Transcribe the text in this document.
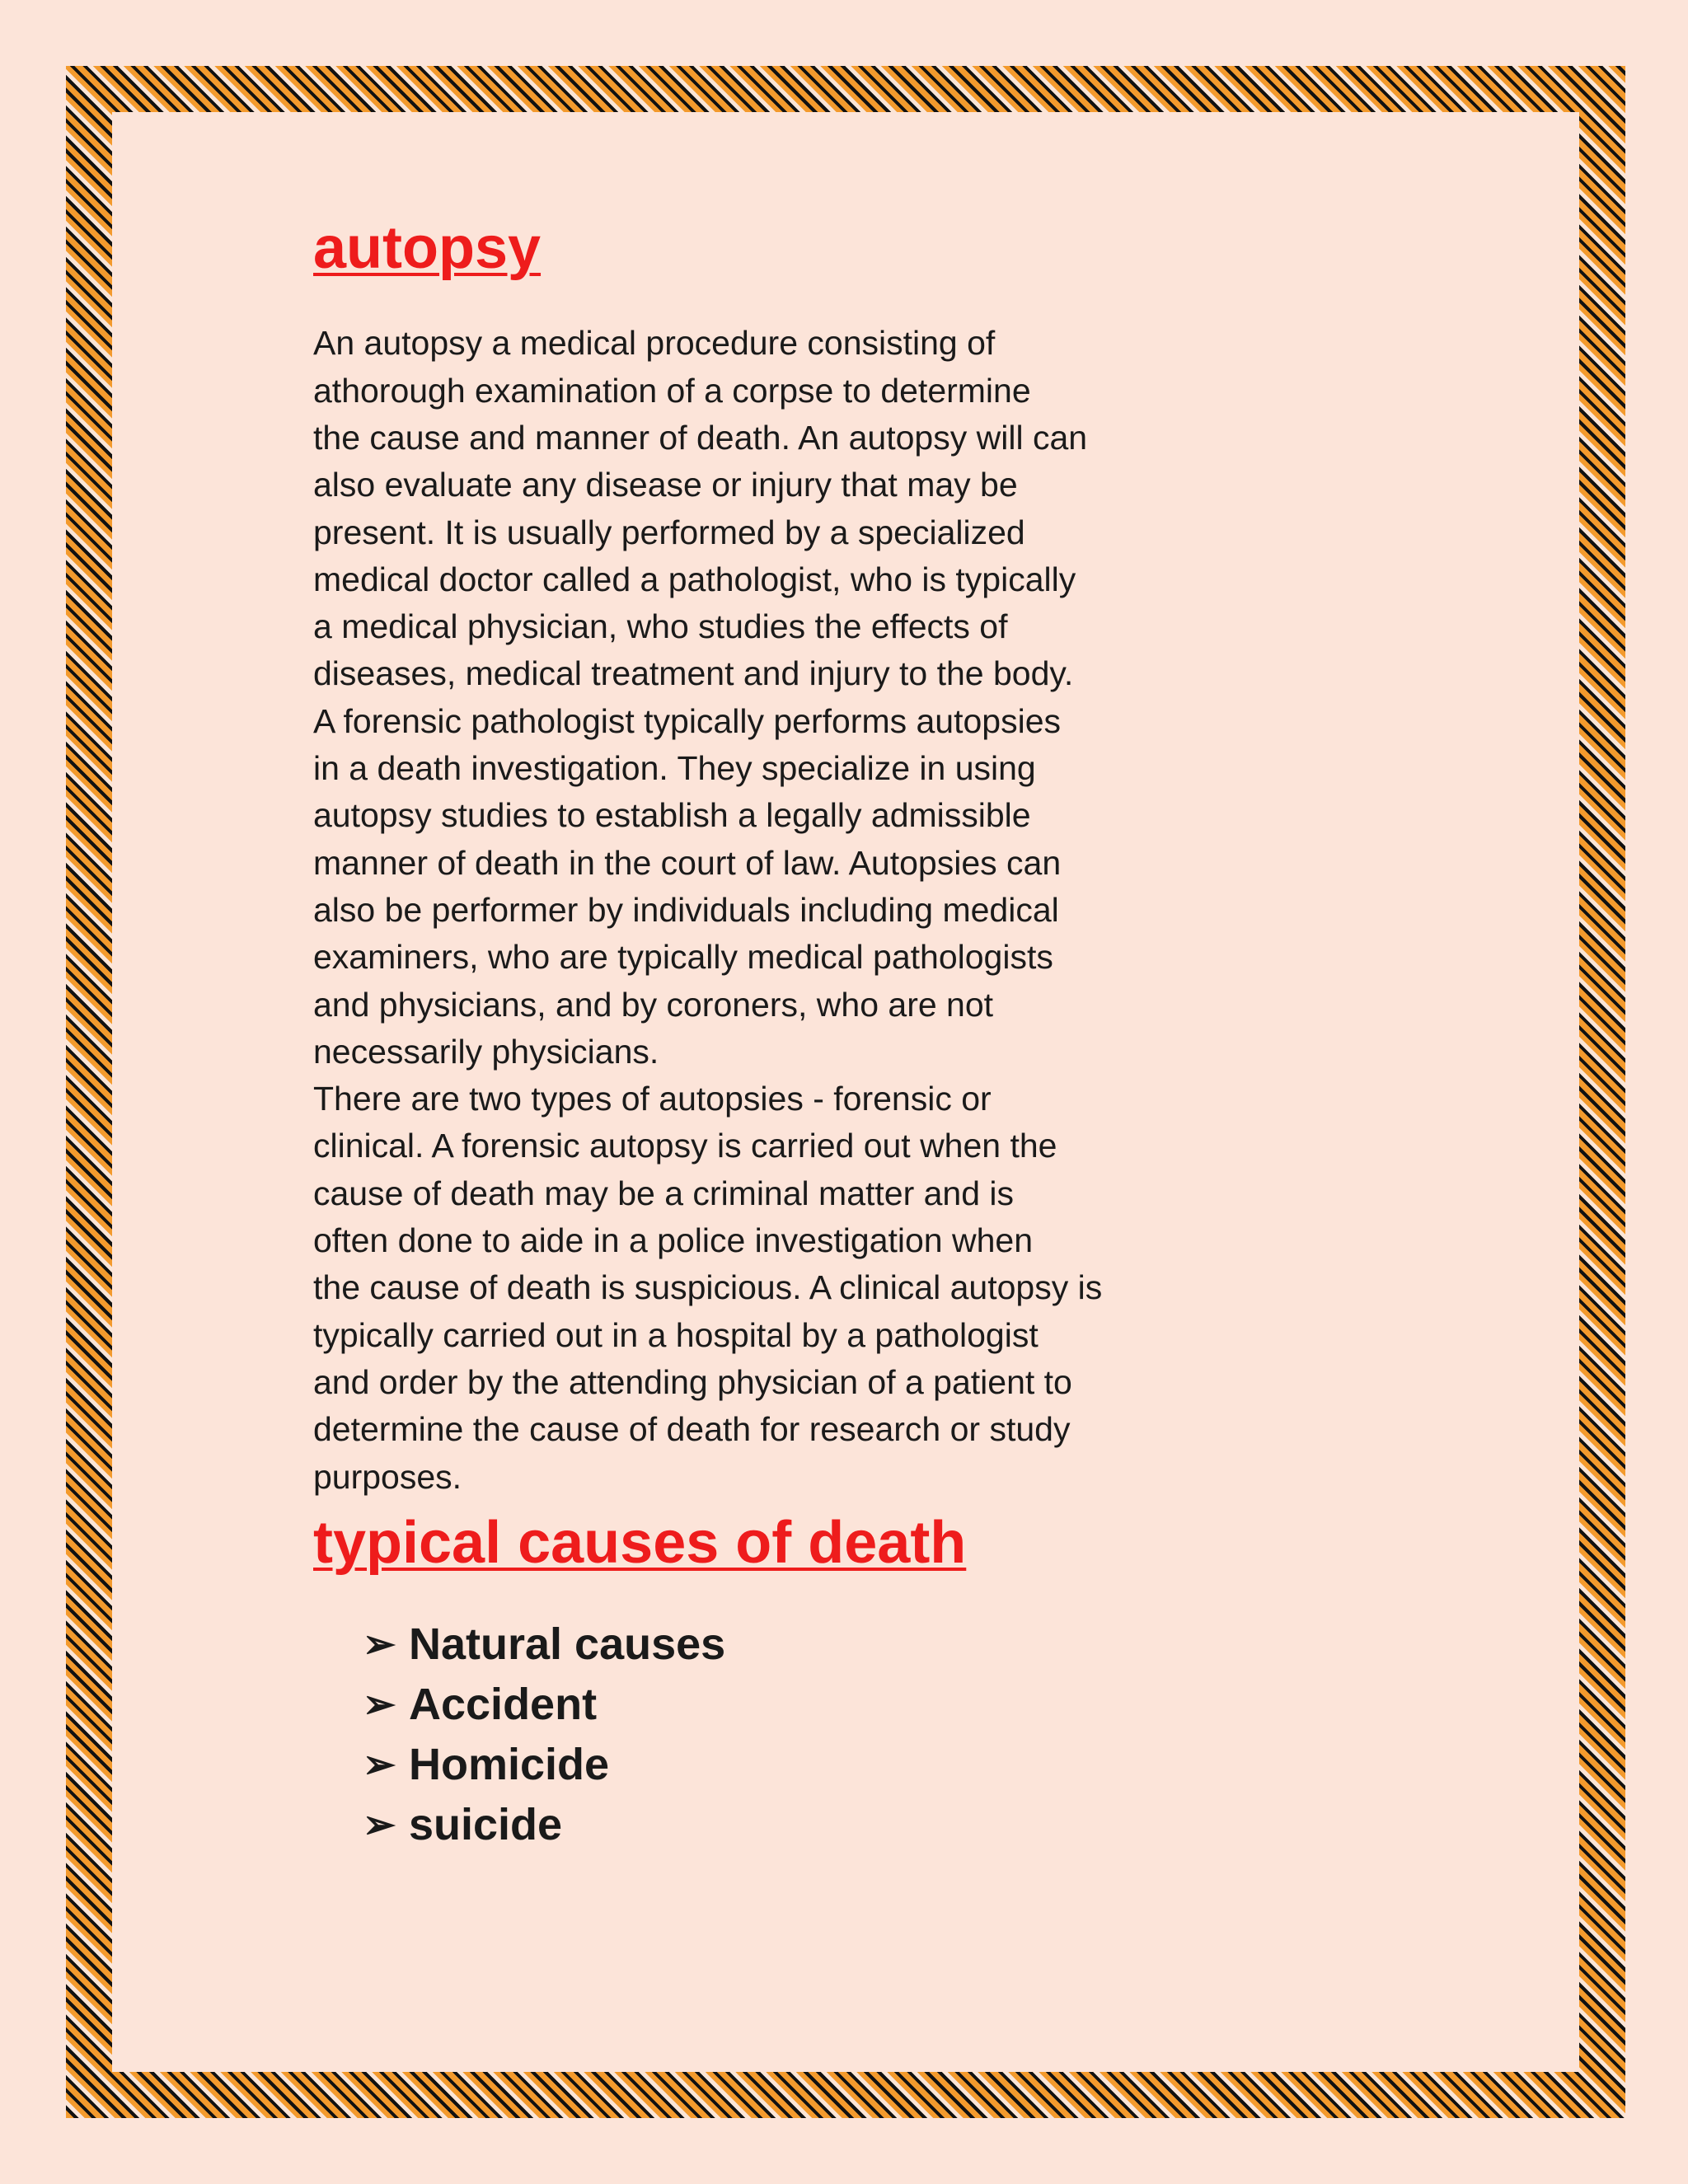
autopsy
An autopsy a medical procedure consisting of
athorough examination of a corpse to determine
the cause and manner of death. An autopsy will can
also evaluate any disease or injury that may be
present. It is usually performed by a specialized
medical doctor called a pathologist, who is typically
a medical physician, who studies the effects of
diseases, medical treatment and injury to the body.
A forensic pathologist typically performs autopsies
in a death investigation. They specialize in using
autopsy studies to establish a legally admissible
manner of death in the court of law. Autopsies can
also be performer by individuals including medical
examiners, who are typically medical pathologists
and physicians, and by coroners, who are not
necessarily physicians.
There are two types of autopsies - forensic or
clinical. A forensic autopsy is carried out when the
cause of death may be a criminal matter and is
often done to aide in a police investigation when
the cause of death is suspicious. A clinical autopsy is
typically carried out in a hospital by a pathologist
and order by the attending physician of a patient to
determine the cause of death for research or study
purposes.
typical causes of death
➢ Natural causes
➢ Accident
➢ Homicide
➢ suicide
